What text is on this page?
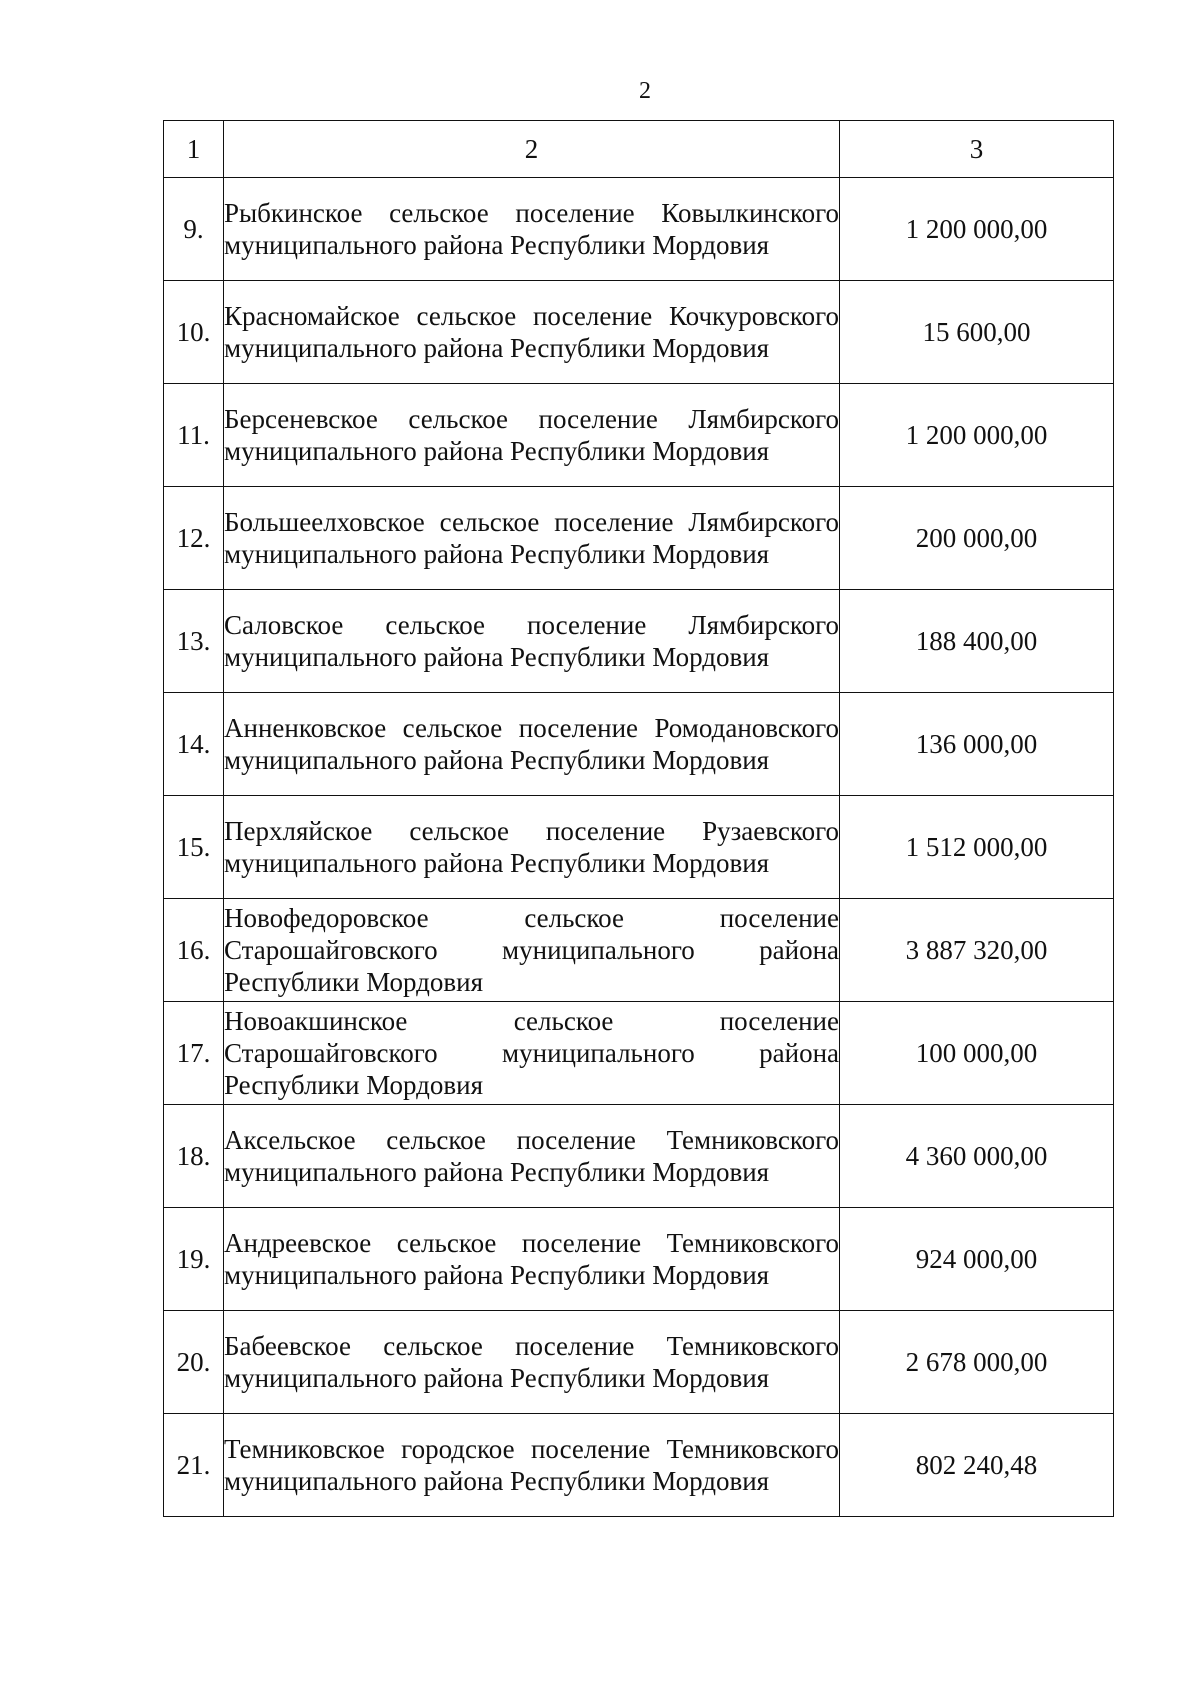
2
1	2	3
9.	Рыбкинское сельское поселение Ковылкинского муниципального района Республики Мордовия	1 200 000,00
10.	Красномайское сельское поселение Кочкуровского муниципального района Республики Мордовия	15 600,00
11.	Берсеневское сельское поселение Лямбирского муниципального района Республики Мордовия	1 200 000,00
12.	Большеелховское сельское поселение Лямбирского муниципального района Республики Мордовия	200 000,00
13.	Саловское сельское поселение Лямбирского муниципального района Республики Мордовия	188 400,00
14.	Анненковское сельское поселение Ромодановского муниципального района Республики Мордовия	136 000,00
15.	Перхляйское сельское поселение Рузаевского муниципального района Республики Мордовия	1 512 000,00
16.	Новофедоровское сельское поселение Старошайговского муниципального района Республики Мордовия	3 887 320,00
17.	Новоакшинское сельское поселение Старошайговского муниципального района Республики Мордовия	100 000,00
18.	Аксельское сельское поселение Темниковского муниципального района Республики Мордовия	4 360 000,00
19.	Андреевское сельское поселение Темниковского муниципального района Республики Мордовия	924 000,00
20.	Бабеевское сельское поселение Темниковского муниципального района Республики Мордовия	2 678 000,00
21.	Темниковское городское поселение Темниковского муниципального района Республики Мордовия	802 240,48
